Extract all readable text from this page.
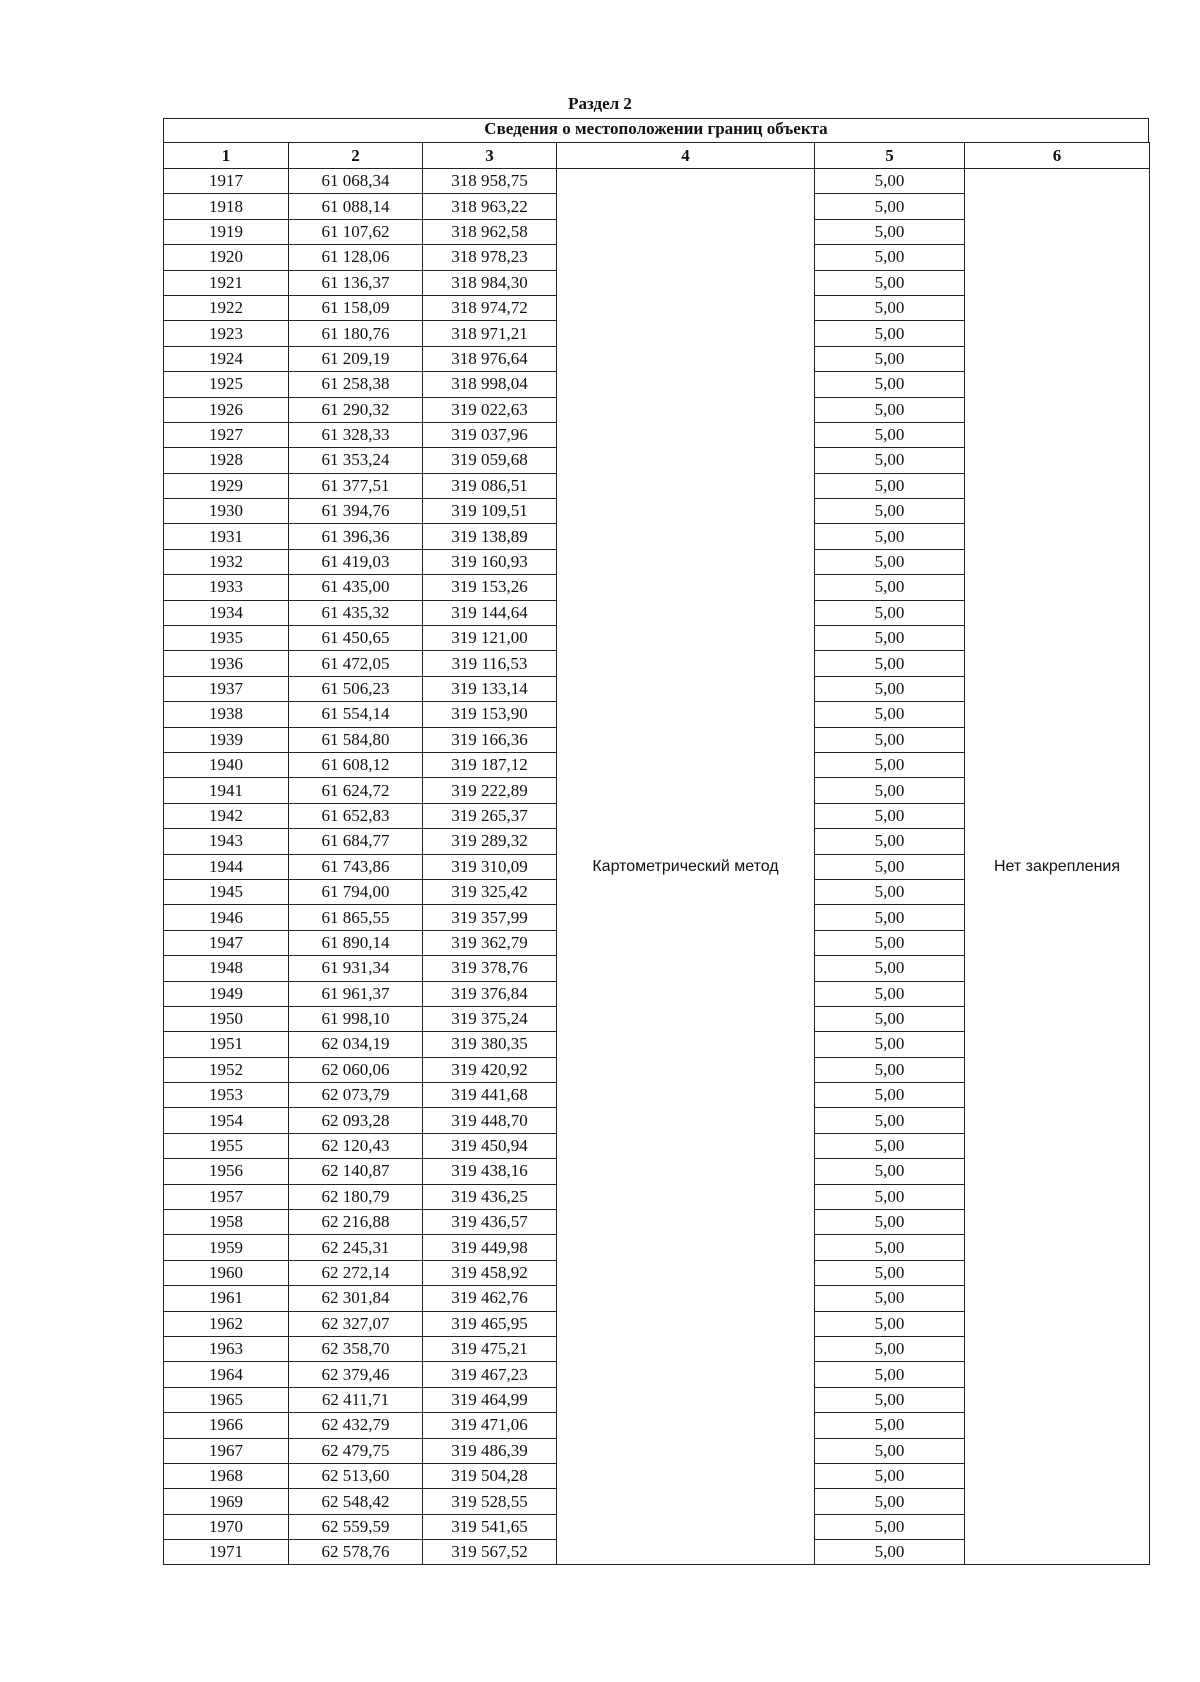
Раздел 2
Сведения о местоположении границ объекта
1	2	3	4	5	6
1917	61 068,34	318 958,75	Картометрический метод	5,00	Нет закрепления
1918	61 088,14	318 963,22		5,00	
1919	61 107,62	318 962,58		5,00	
1920	61 128,06	318 978,23		5,00	
1921	61 136,37	318 984,30		5,00	
1922	61 158,09	318 974,72		5,00	
1923	61 180,76	318 971,21		5,00	
1924	61 209,19	318 976,64		5,00	
1925	61 258,38	318 998,04		5,00	
1926	61 290,32	319 022,63		5,00	
1927	61 328,33	319 037,96		5,00	
1928	61 353,24	319 059,68		5,00	
1929	61 377,51	319 086,51		5,00	
1930	61 394,76	319 109,51		5,00	
1931	61 396,36	319 138,89		5,00	
1932	61 419,03	319 160,93		5,00	
1933	61 435,00	319 153,26		5,00	
1934	61 435,32	319 144,64		5,00	
1935	61 450,65	319 121,00		5,00	
1936	61 472,05	319 116,53		5,00	
1937	61 506,23	319 133,14		5,00	
1938	61 554,14	319 153,90		5,00	
1939	61 584,80	319 166,36		5,00	
1940	61 608,12	319 187,12		5,00	
1941	61 624,72	319 222,89		5,00	
1942	61 652,83	319 265,37		5,00	
1943	61 684,77	319 289,32		5,00	
1944	61 743,86	319 310,09		5,00	
1945	61 794,00	319 325,42		5,00	
1946	61 865,55	319 357,99		5,00	
1947	61 890,14	319 362,79		5,00	
1948	61 931,34	319 378,76		5,00	
1949	61 961,37	319 376,84		5,00	
1950	61 998,10	319 375,24		5,00	
1951	62 034,19	319 380,35		5,00	
1952	62 060,06	319 420,92		5,00	
1953	62 073,79	319 441,68		5,00	
1954	62 093,28	319 448,70		5,00	
1955	62 120,43	319 450,94		5,00	
1956	62 140,87	319 438,16		5,00	
1957	62 180,79	319 436,25		5,00	
1958	62 216,88	319 436,57		5,00	
1959	62 245,31	319 449,98		5,00	
1960	62 272,14	319 458,92		5,00	
1961	62 301,84	319 462,76		5,00	
1962	62 327,07	319 465,95		5,00	
1963	62 358,70	319 475,21		5,00	
1964	62 379,46	319 467,23		5,00	
1965	62 411,71	319 464,99		5,00	
1966	62 432,79	319 471,06		5,00	
1967	62 479,75	319 486,39		5,00	
1968	62 513,60	319 504,28		5,00	
1969	62 548,42	319 528,55		5,00	
1970	62 559,59	319 541,65		5,00	
1971	62 578,76	319 567,52		5,00	
